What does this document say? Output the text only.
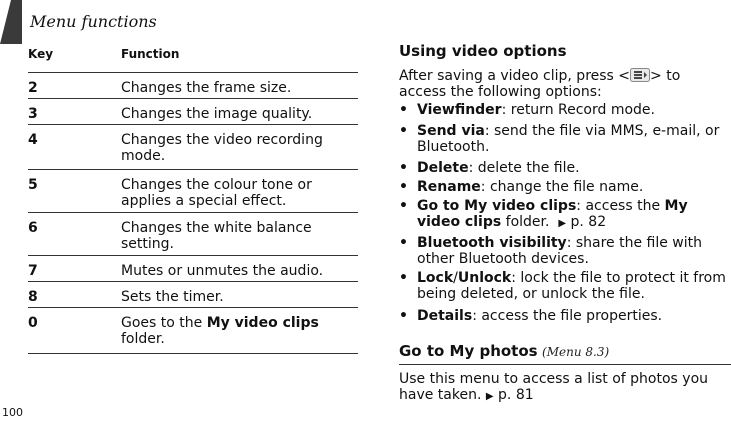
Menu functions
Key	Function
2	Changes the frame size.
3	Changes the image quality.
4	Changes the video recording mode.
5	Changes the colour tone or applies a special effect.
6	Changes the white balance setting.
7	Mutes or unmutes the audio.
8	Sets the timer.
0	Goes to the My video clips folder.
100
Using video options
After saving a video clip, press < > to access the following options:
• Viewfinder: return Record mode.
• Send via: send the file via MMS, e-mail, or Bluetooth.
• Delete: delete the file.
• Rename: change the file name.
• Go to My video clips: access the My video clips folder. ▶ p. 82
• Bluetooth visibility: share the file with other Bluetooth devices.
• Lock/Unlock: lock the file to protect it from being deleted, or unlock the file.
• Details: access the file properties.
Go to My photos (Menu 8.3)
Use this menu to access a list of photos you have taken. ▶ p. 81
